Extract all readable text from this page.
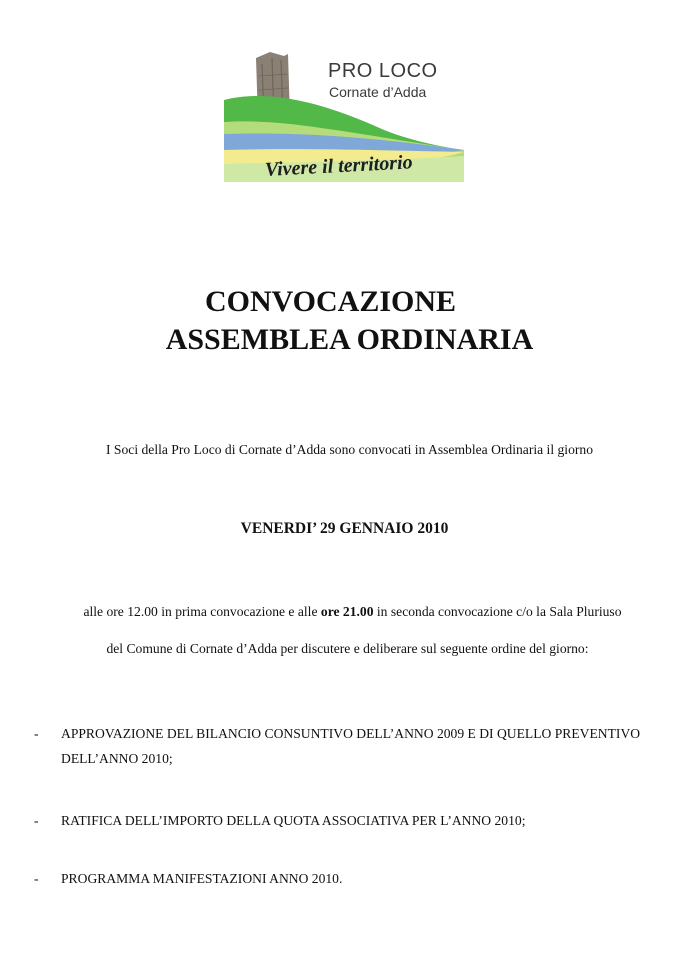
PRO LOCO
Cornate d’Adda
Vivere il territorio
CONVOCAZIONE
ASSEMBLEA ORDINARIA
I Soci della Pro Loco di Cornate d’Adda sono convocati in Assemblea Ordinaria il giorno
VENERDI’ 29 GENNAIO 2010
alle ore 12.00 in prima convocazione e alle ore 21.00 in seconda convocazione c/o la Sala Pluriuso
del Comune di Cornate d’Adda per discutere e deliberare sul seguente ordine del giorno:
- APPROVAZIONE DEL BILANCIO CONSUNTIVO DELL’ANNO 2009 E DI QUELLO PREVENTIVO DELL’ANNO 2010;
- RATIFICA DELL’IMPORTO DELLA QUOTA ASSOCIATIVA PER L’ANNO 2010;
- PROGRAMMA MANIFESTAZIONI ANNO 2010.
